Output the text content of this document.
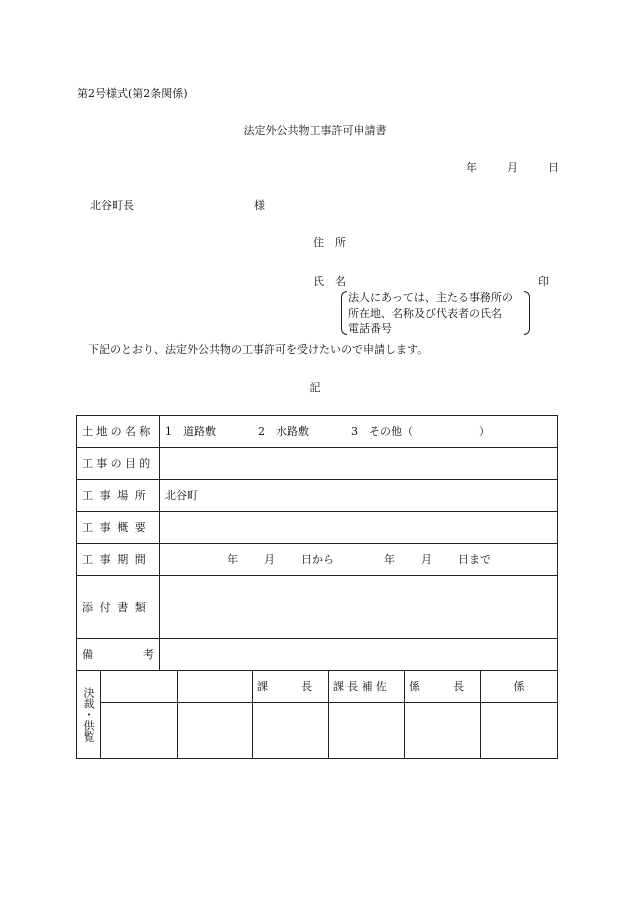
第2号様式(第2条関係)
法定外公共物工事許可申請書
年	月	日
北谷町長	様
住　所
氏　名	印
法人にあっては、主たる事務所の
所在地、名称及び代表者の氏名
電話番号
下記のとおり、法定外公共物の工事許可を受けたいので申請します。
記
土地の名称	1　道路敷 2　水路敷 3　その他（　　　　　　）
工事の目的	
工事場所	北谷町
工事概要	
工事期間	年 月 日から 年 月 日まで
添付書類	

備 考	

決裁・供覧			課　　　長	課長補佐	係　　　長	係
